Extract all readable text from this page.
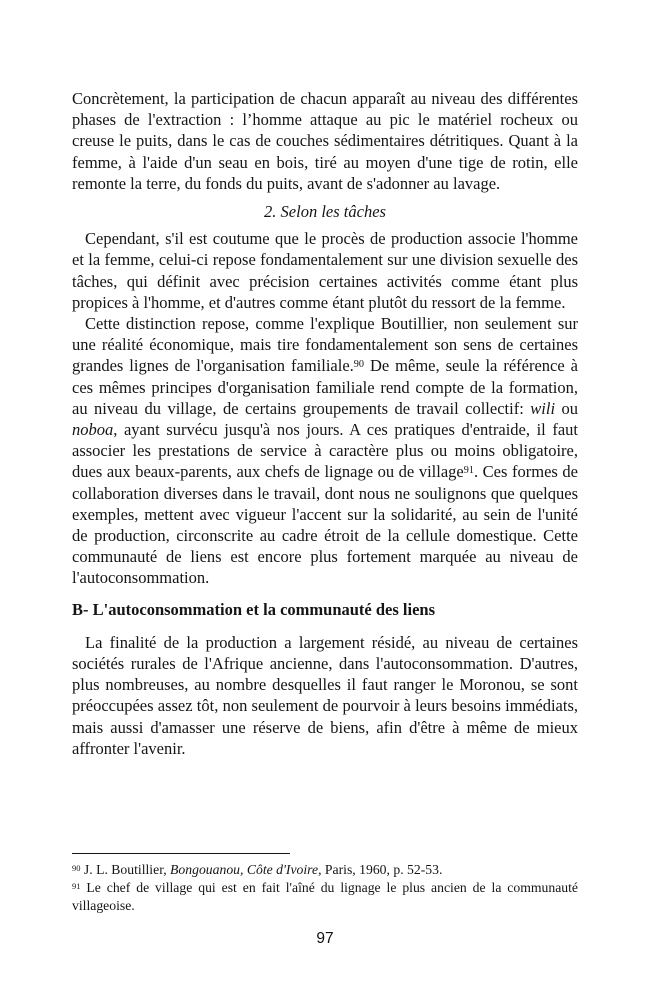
Concrètement, la participation de chacun apparaît au niveau des différentes phases de l'extraction : l’homme attaque au pic le matériel rocheux ou creuse le puits, dans le cas de couches sédimentaires détritiques. Quant à la femme, à l'aide d'un seau en bois, tiré au moyen d'une tige de rotin, elle remonte la terre, du fonds du puits, avant de s'adonner au lavage.

2. Selon les tâches

Cependant, s'il est coutume que le procès de production associe l'homme et la femme, celui-ci repose fondamentalement sur une division sexuelle des tâches, qui définit avec précision certaines activités comme étant plus propices à l'homme, et d'autres comme étant plutôt du ressort de la femme.

Cette distinction repose, comme l'explique Boutillier, non seulement sur une réalité économique, mais tire fondamentalement son sens de certaines grandes lignes de l'organisation familiale.$^{90}$ De même, seule la référence à ces mêmes principes d'organisation familiale rend compte de la formation, au niveau du village, de certains groupements de travail collectif: wili ou noboa, ayant survécu jusqu'à nos jours. A ces pratiques d'entraide, il faut associer les prestations de service à caractère plus ou moins obligatoire, dues aux beaux-parents, aux chefs de lignage ou de village$^{91}$. Ces formes de collaboration diverses dans le travail, dont nous ne soulignons que quelques exemples, mettent avec vigueur l'accent sur la solidarité, au sein de l'unité de production, circonscrite au cadre étroit de la cellule domestique. Cette communauté de liens est encore plus fortement marquée au niveau de l'autoconsommation.

B- L'autoconsommation et la communauté des liens

La finalité de la production a largement résidé, au niveau de certaines sociétés rurales de l'Afrique ancienne, dans l'autoconsommation. D'autres, plus nombreuses, au nombre desquelles il faut ranger le Moronou, se sont préoccupées assez tôt, non seulement de pourvoir à leurs besoins immédiats, mais aussi d'amasser une réserve de biens, afin d'être à même de mieux affronter l'avenir.

$^{90}$ J. L. Boutillier, Bongouanou, Côte d'Ivoire, Paris, 1960, p. 52-53.

$^{91}$ Le chef de village qui est en fait l'aîné du lignage le plus ancien de la communauté villageoise.

97
